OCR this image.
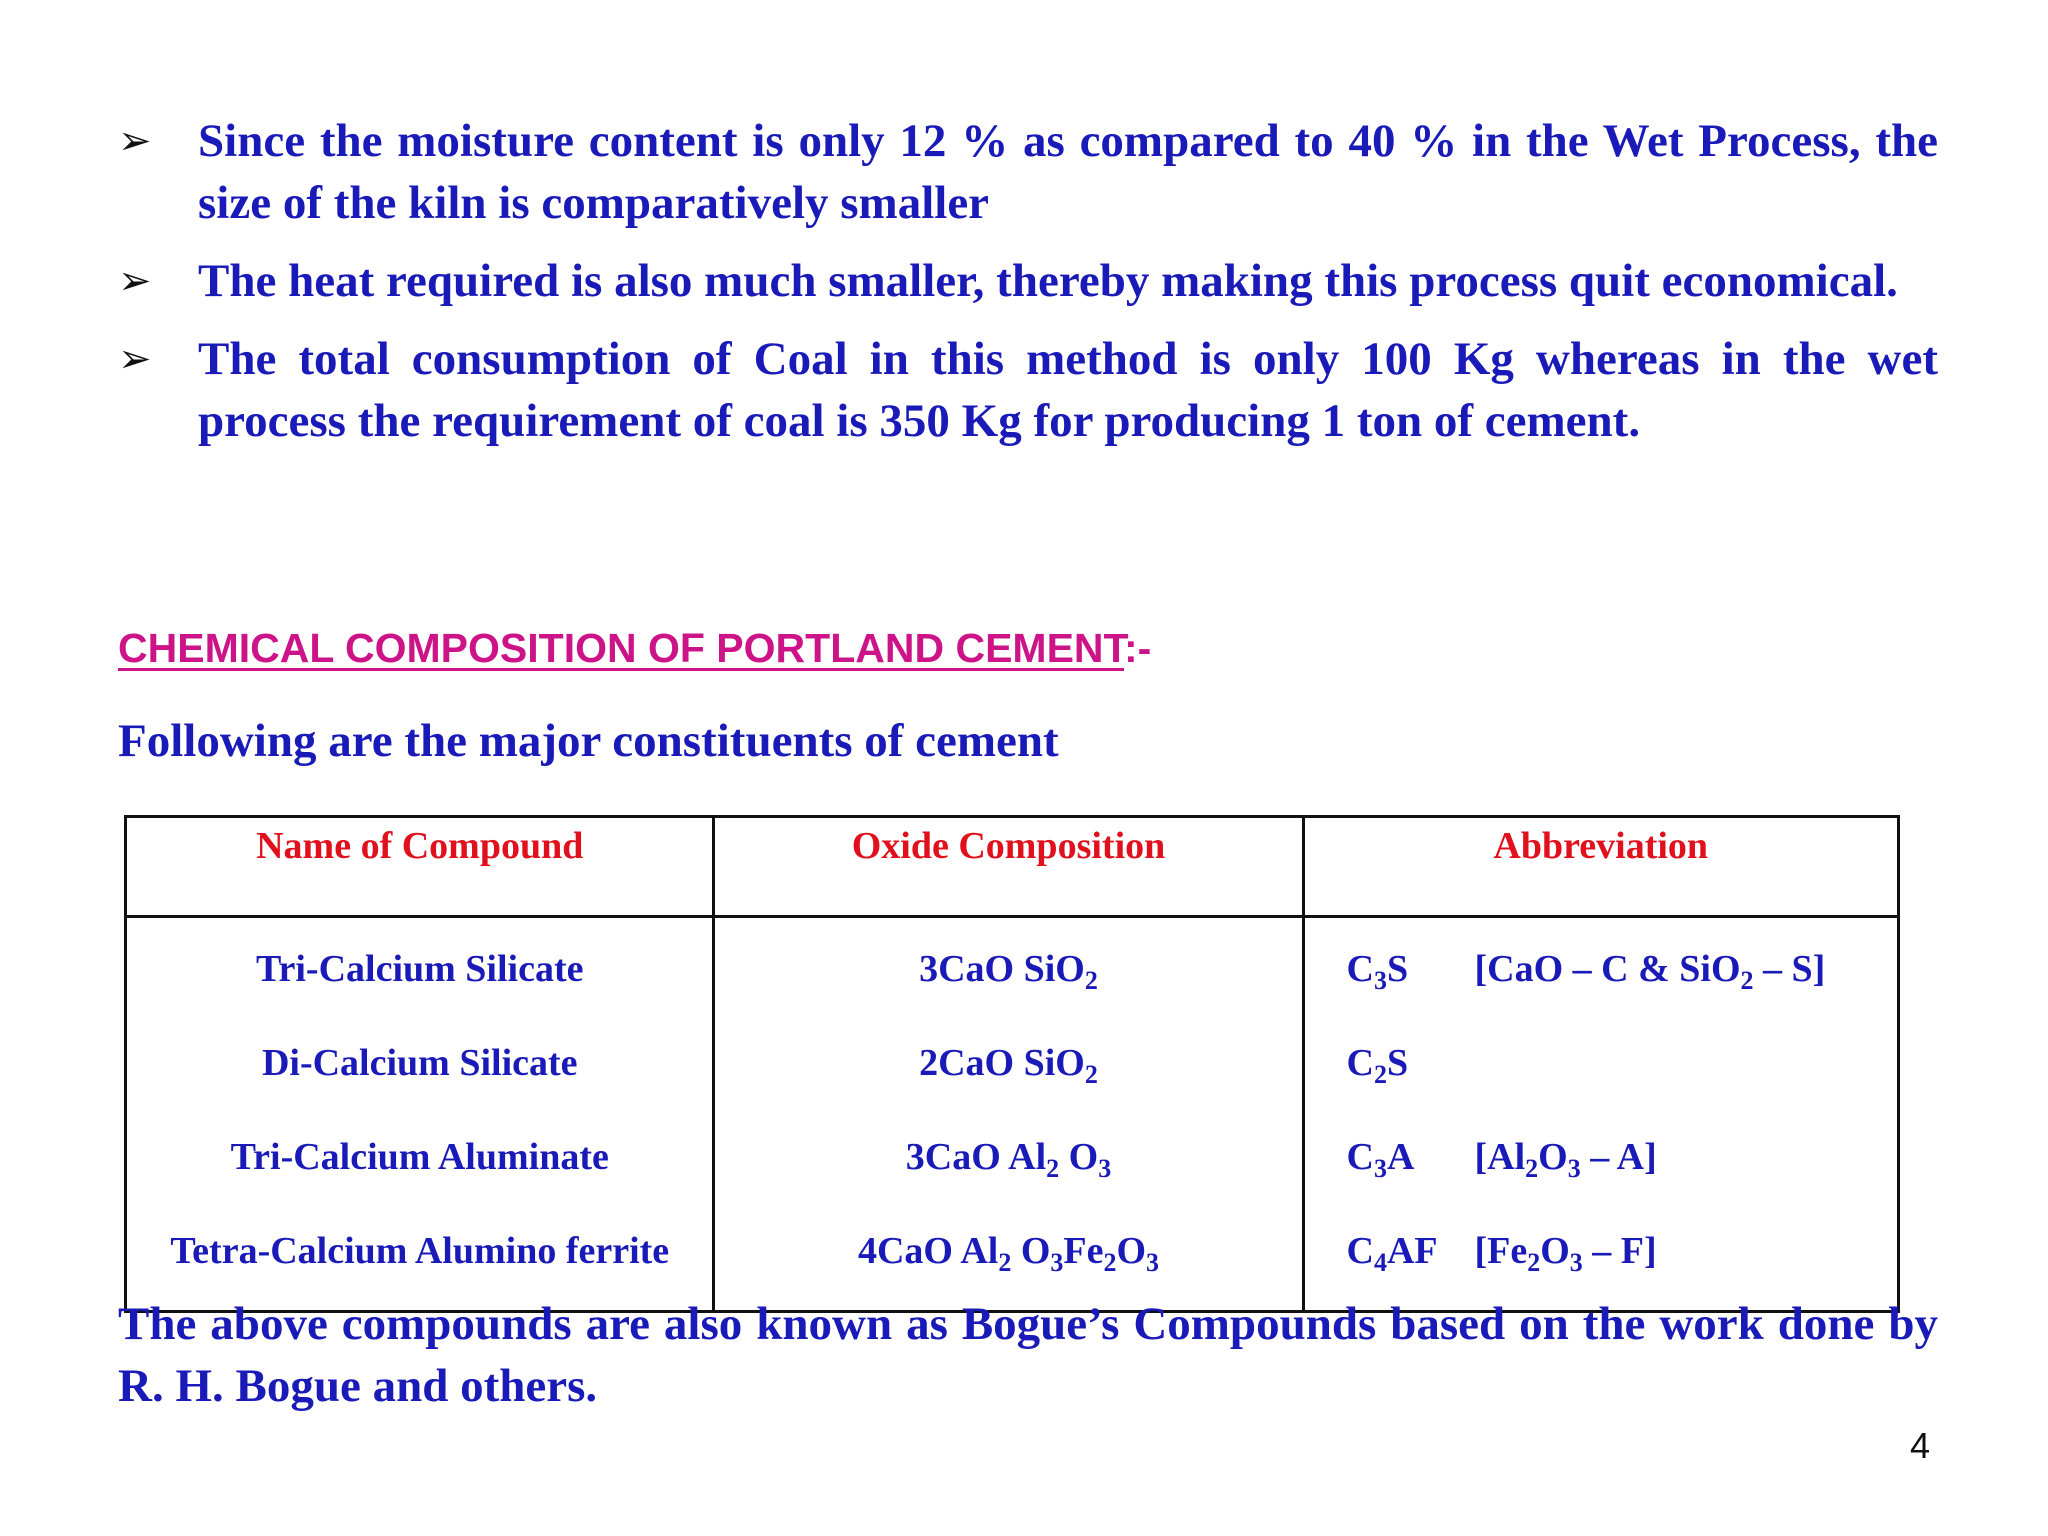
➢ Since the moisture content is only 12 % as compared to 40 % in the Wet Process, the size of the kiln is comparatively smaller
➢ The heat required is also much smaller, thereby making this process quit economical.
➢ The total consumption of Coal in this method is only 100 Kg whereas in the wet process the requirement of coal is 350 Kg for producing 1 ton of cement.
CHEMICAL COMPOSITION OF PORTLAND CEMENT:-
Following are the major constituents of cement
Name of Compound	Oxide Composition	Abbreviation
Tri-Calcium Silicate	3CaO SiO$_2$	$C_3S$ [CaO – C & SiO$_2$ – S]
Di-Calcium Silicate	2CaO SiO$_2$	$C_2S$
Tri-Calcium Aluminate	3CaO $Al_2$ $O_3$	$C_3A$ $[Al_2O_3 - A]$
Tetra-Calcium Alumino ferrite	4CaO $Al_2$ $O_3Fe_2O_3$	$C_4AF$ $[Fe_2O_3 - F]$
The above compounds are also known as Bogue’s Compounds based on the work done by R. H. Bogue and others.
4
